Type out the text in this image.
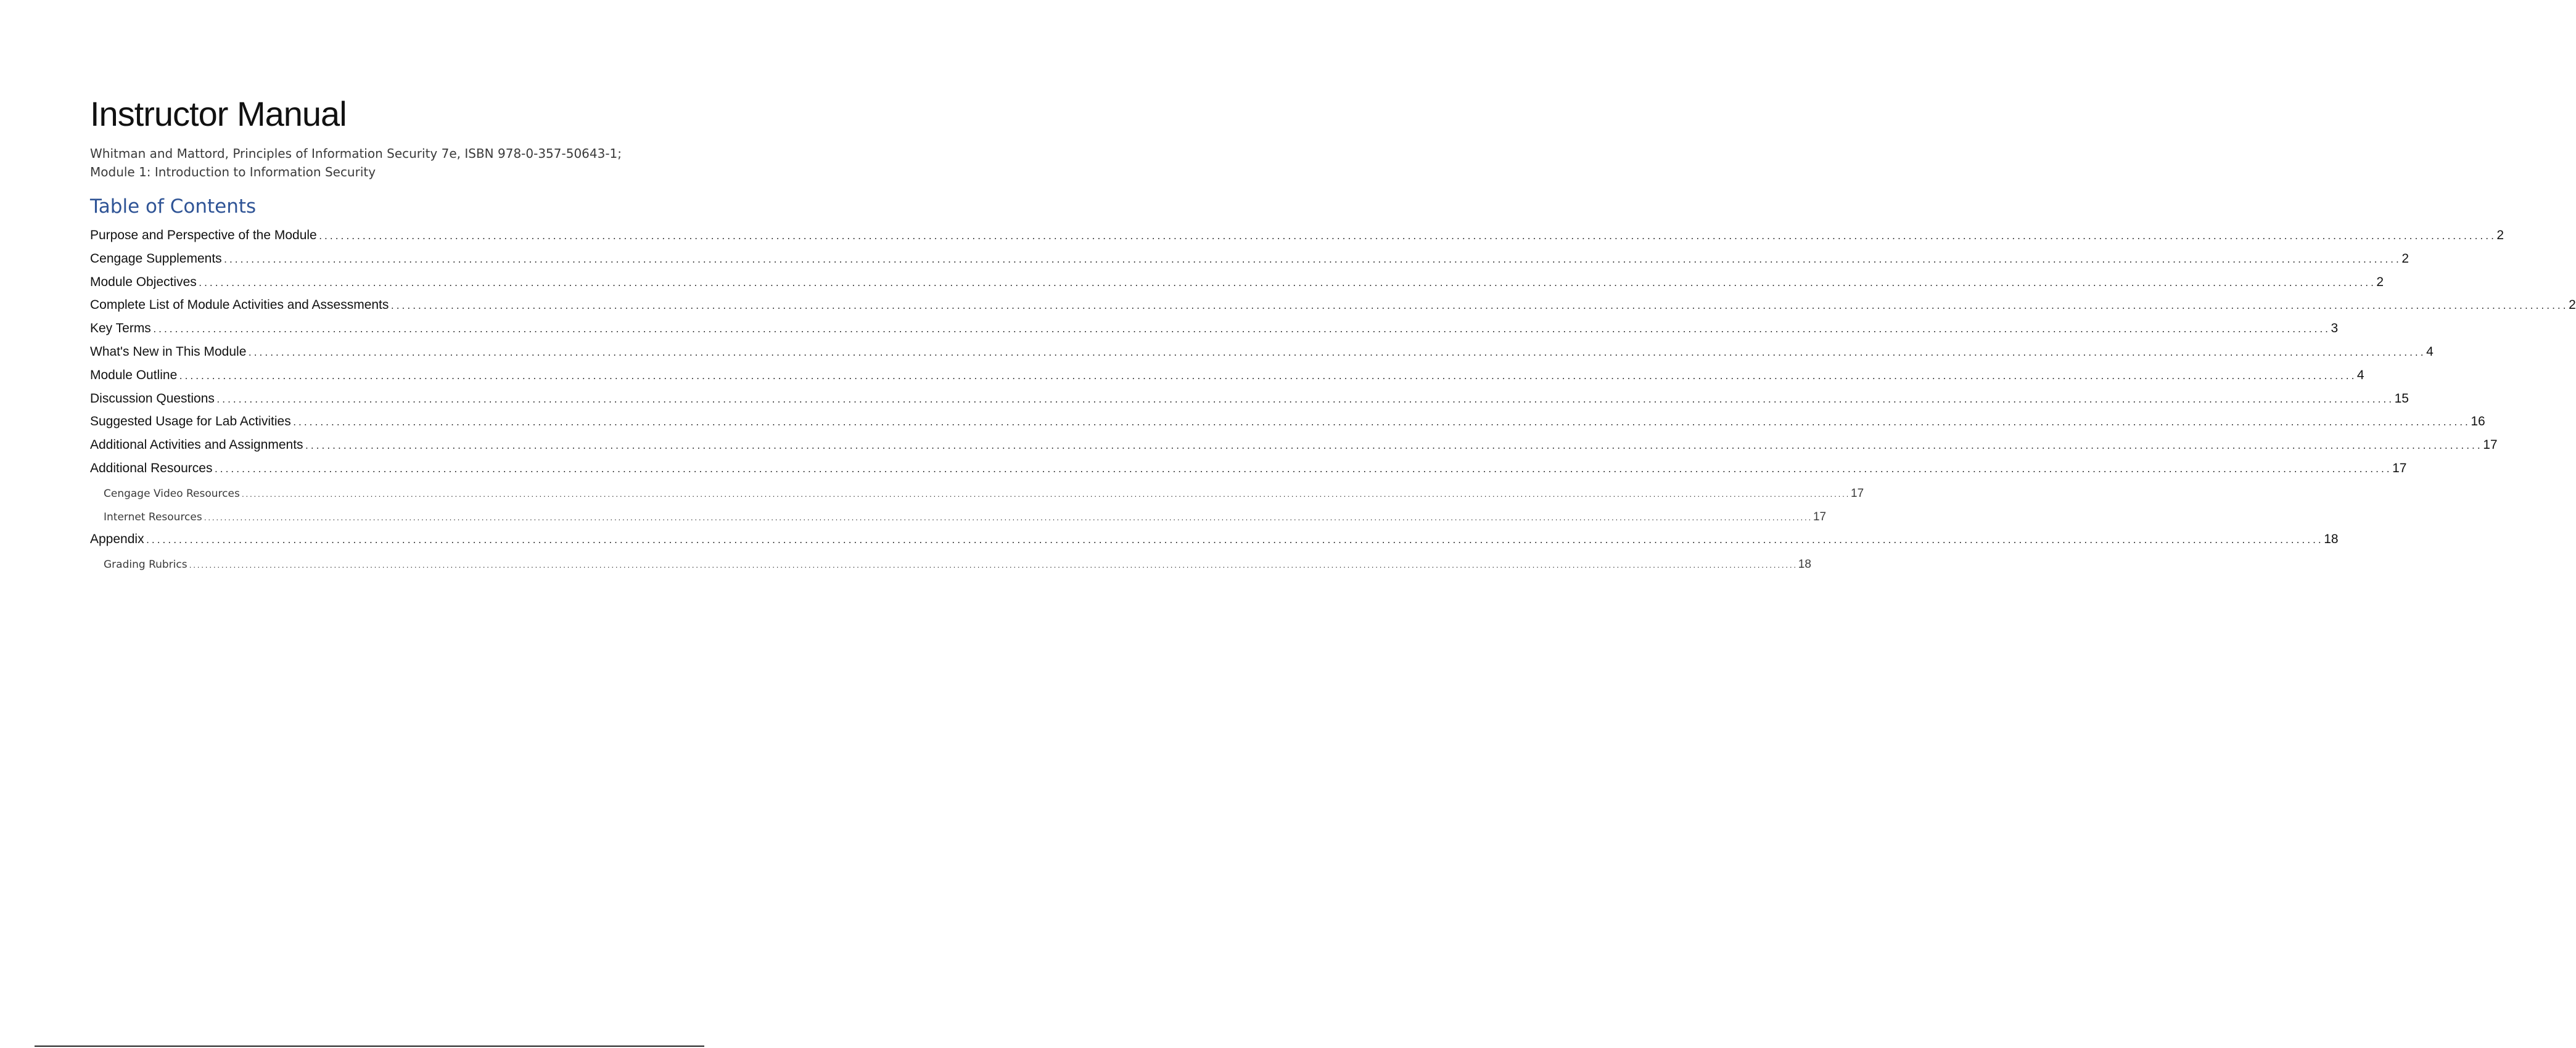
Instructor Manual

Whitman and Mattord, Principles of Information Security 7e, ISBN 978-0-357-50643-1; Module 1: Introduction to Information Security

Table of Contents
Purpose and Perspective of the Module ................................................................................................................................................................................................................................................................................................................................................................................................................ 2
Cengage Supplements ................................................................................................................................................................................................................................................................................................................................................................................................................ 2
Module Objectives ................................................................................................................................................................................................................................................................................................................................................................................................................ 2
Complete List of Module Activities and Assessments ................................................................................................................................................................................................................................................................................................................................................................................................................ 2
Key Terms ................................................................................................................................................................................................................................................................................................................................................................................................................ 3
What's New in This Module ................................................................................................................................................................................................................................................................................................................................................................................................................ 4
Module Outline ................................................................................................................................................................................................................................................................................................................................................................................................................ 4
Discussion Questions ................................................................................................................................................................................................................................................................................................................................................................................................................ 15
Suggested Usage for Lab Activities ................................................................................................................................................................................................................................................................................................................................................................................................................ 16
Additional Activities and Assignments ................................................................................................................................................................................................................................................................................................................................................................................................................ 17
Additional Resources ................................................................................................................................................................................................................................................................................................................................................................................................................ 17
Cengage Video Resources ................................................................................................................................................................................................................................................................................................................................................................................................................ 17
Internet Resources ................................................................................................................................................................................................................................................................................................................................................................................................................ 17
Appendix ................................................................................................................................................................................................................................................................................................................................................................................................................ 18
Grading Rubrics ................................................................................................................................................................................................................................................................................................................................................................................................................ 18
